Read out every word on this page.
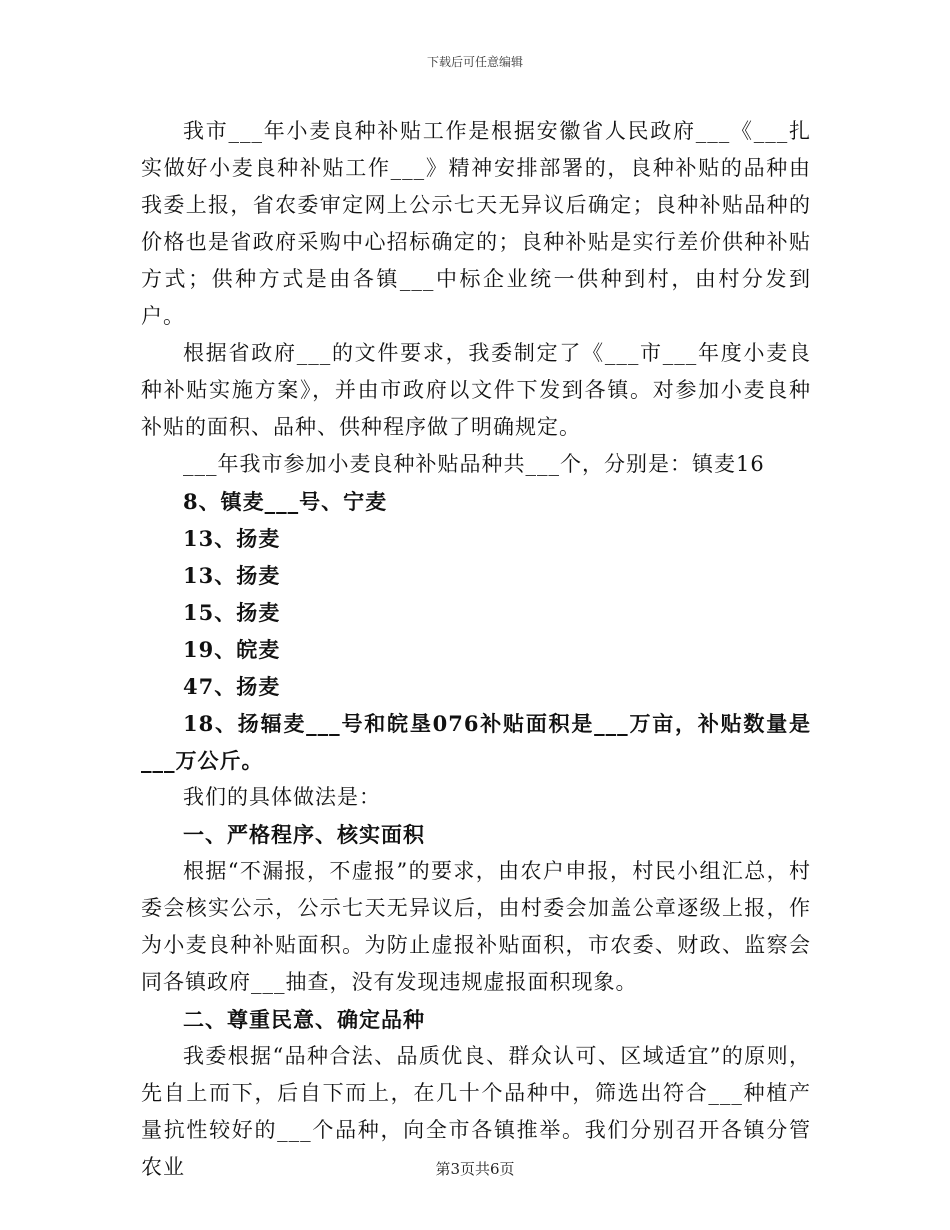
下载后可任意编辑

我市___年小麦良种补贴工作是根据安徽省人民政府___《___扎实做好小麦良种补贴工作___》精神安排部署的，良种补贴的品种由我委上报，省农委审定网上公示七天无异议后确定；良种补贴品种的价格也是省政府采购中心招标确定的；良种补贴是实行差价供种补贴方式；供种方式是由各镇___中标企业统一供种到村，由村分发到户。

根据省政府___的文件要求，我委制定了《___市___年度小麦良种补贴实施方案》，并由市政府以文件下发到各镇。对参加小麦良种补贴的面积、品种、供种程序做了明确规定。

___年我市参加小麦良种补贴品种共___个，分别是：镇麦16

8、镇麦___号、宁麦

13、扬麦

13、扬麦

15、扬麦

19、皖麦

47、扬麦

18、扬辐麦___号和皖垦076补贴面积是___万亩，补贴数量是___万公斤。

我们的具体做法是：

一、严格程序、核实面积

根据“不漏报，不虚报”的要求，由农户申报，村民小组汇总，村委会核实公示，公示七天无异议后，由村委会加盖公章逐级上报，作为小麦良种补贴面积。为防止虚报补贴面积，市农委、财政、监察会同各镇政府___抽查，没有发现违规虚报面积现象。

二、尊重民意、确定品种

我委根据“品种合法、品质优良、群众认可、区域适宜”的原则，先自上而下，后自下而上，在几十个品种中，筛选出符合___种植产量抗性较好的___个品种，向全市各镇推举。我们分别召开各镇分管农业	第3页共6页
